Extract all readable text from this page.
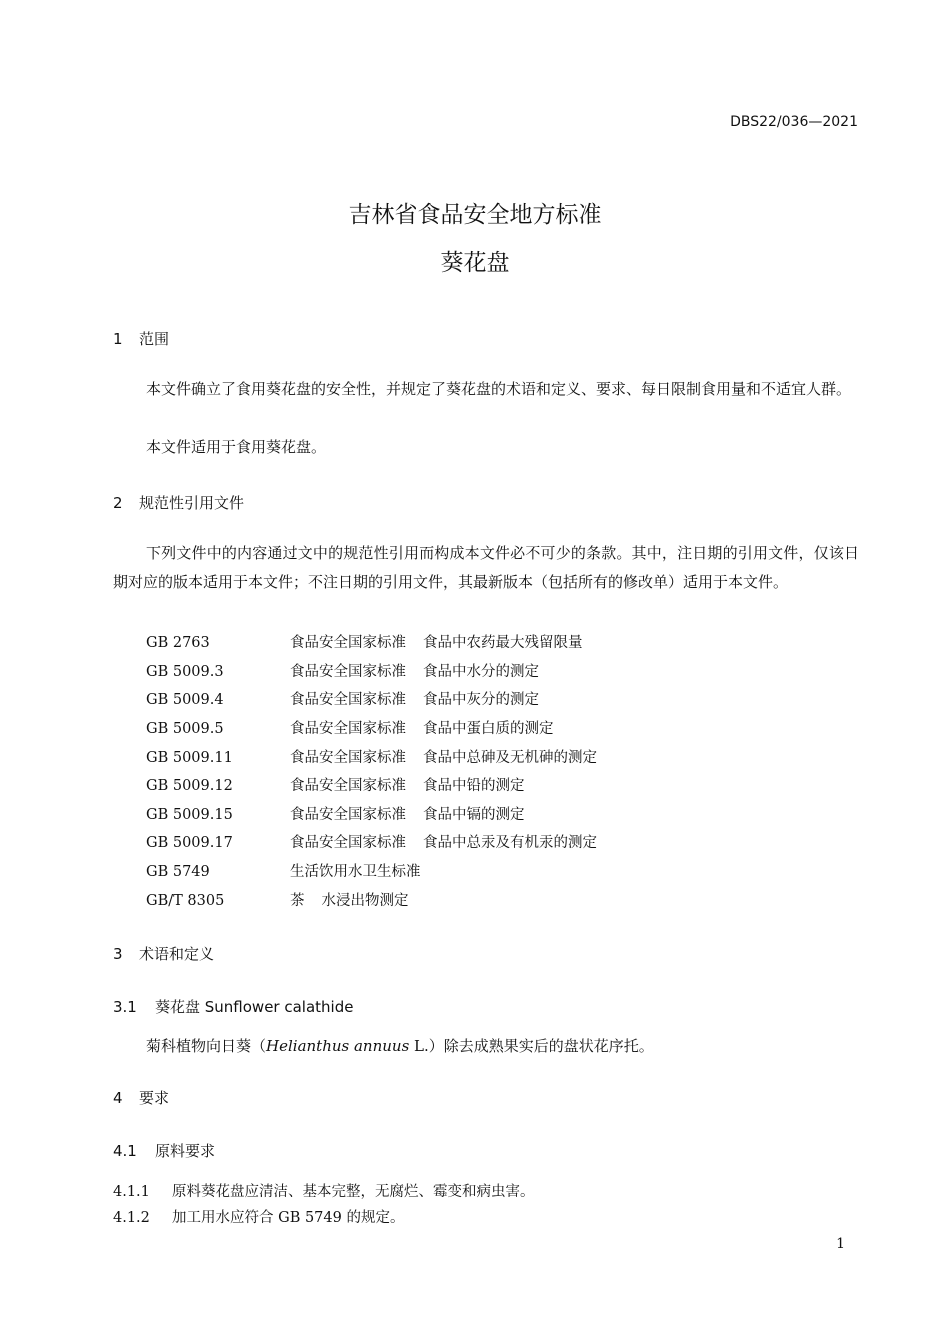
DBS22/036—2021
吉林省食品安全地方标准
葵花盘
1 范围
本文件确立了食用葵花盘的安全性，并规定了葵花盘的术语和定义、要求、每日限制食用量和不适宜人群。
本文件适用于食用葵花盘。
2 规范性引用文件
下列文件中的内容通过文中的规范性引用而构成本文件必不可少的条款。其中，注日期的引用文件，仅该日期对应的版本适用于本文件；不注日期的引用文件，其最新版本（包括所有的修改单）适用于本文件。
GB 2763	食品安全国家标准 食品中农药最大残留限量
GB 5009.3	食品安全国家标准 食品中水分的测定
GB 5009.4	食品安全国家标准 食品中灰分的测定
GB 5009.5	食品安全国家标准 食品中蛋白质的测定
GB 5009.11	食品安全国家标准 食品中总砷及无机砷的测定
GB 5009.12	食品安全国家标准 食品中铅的测定
GB 5009.15	食品安全国家标准 食品中镉的测定
GB 5009.17	食品安全国家标准 食品中总汞及有机汞的测定
GB 5749	生活饮用水卫生标准
GB/T 8305	茶 水浸出物测定
3 术语和定义
3.1 葵花盘 Sunflower calathide
菊科植物向日葵（Helianthus annuus L.）除去成熟果实后的盘状花序托。
4 要求
4.1 原料要求
4.1.1 原料葵花盘应清洁、基本完整，无腐烂、霉变和病虫害。
4.1.2 加工用水应符合 GB 5749 的规定。
1
